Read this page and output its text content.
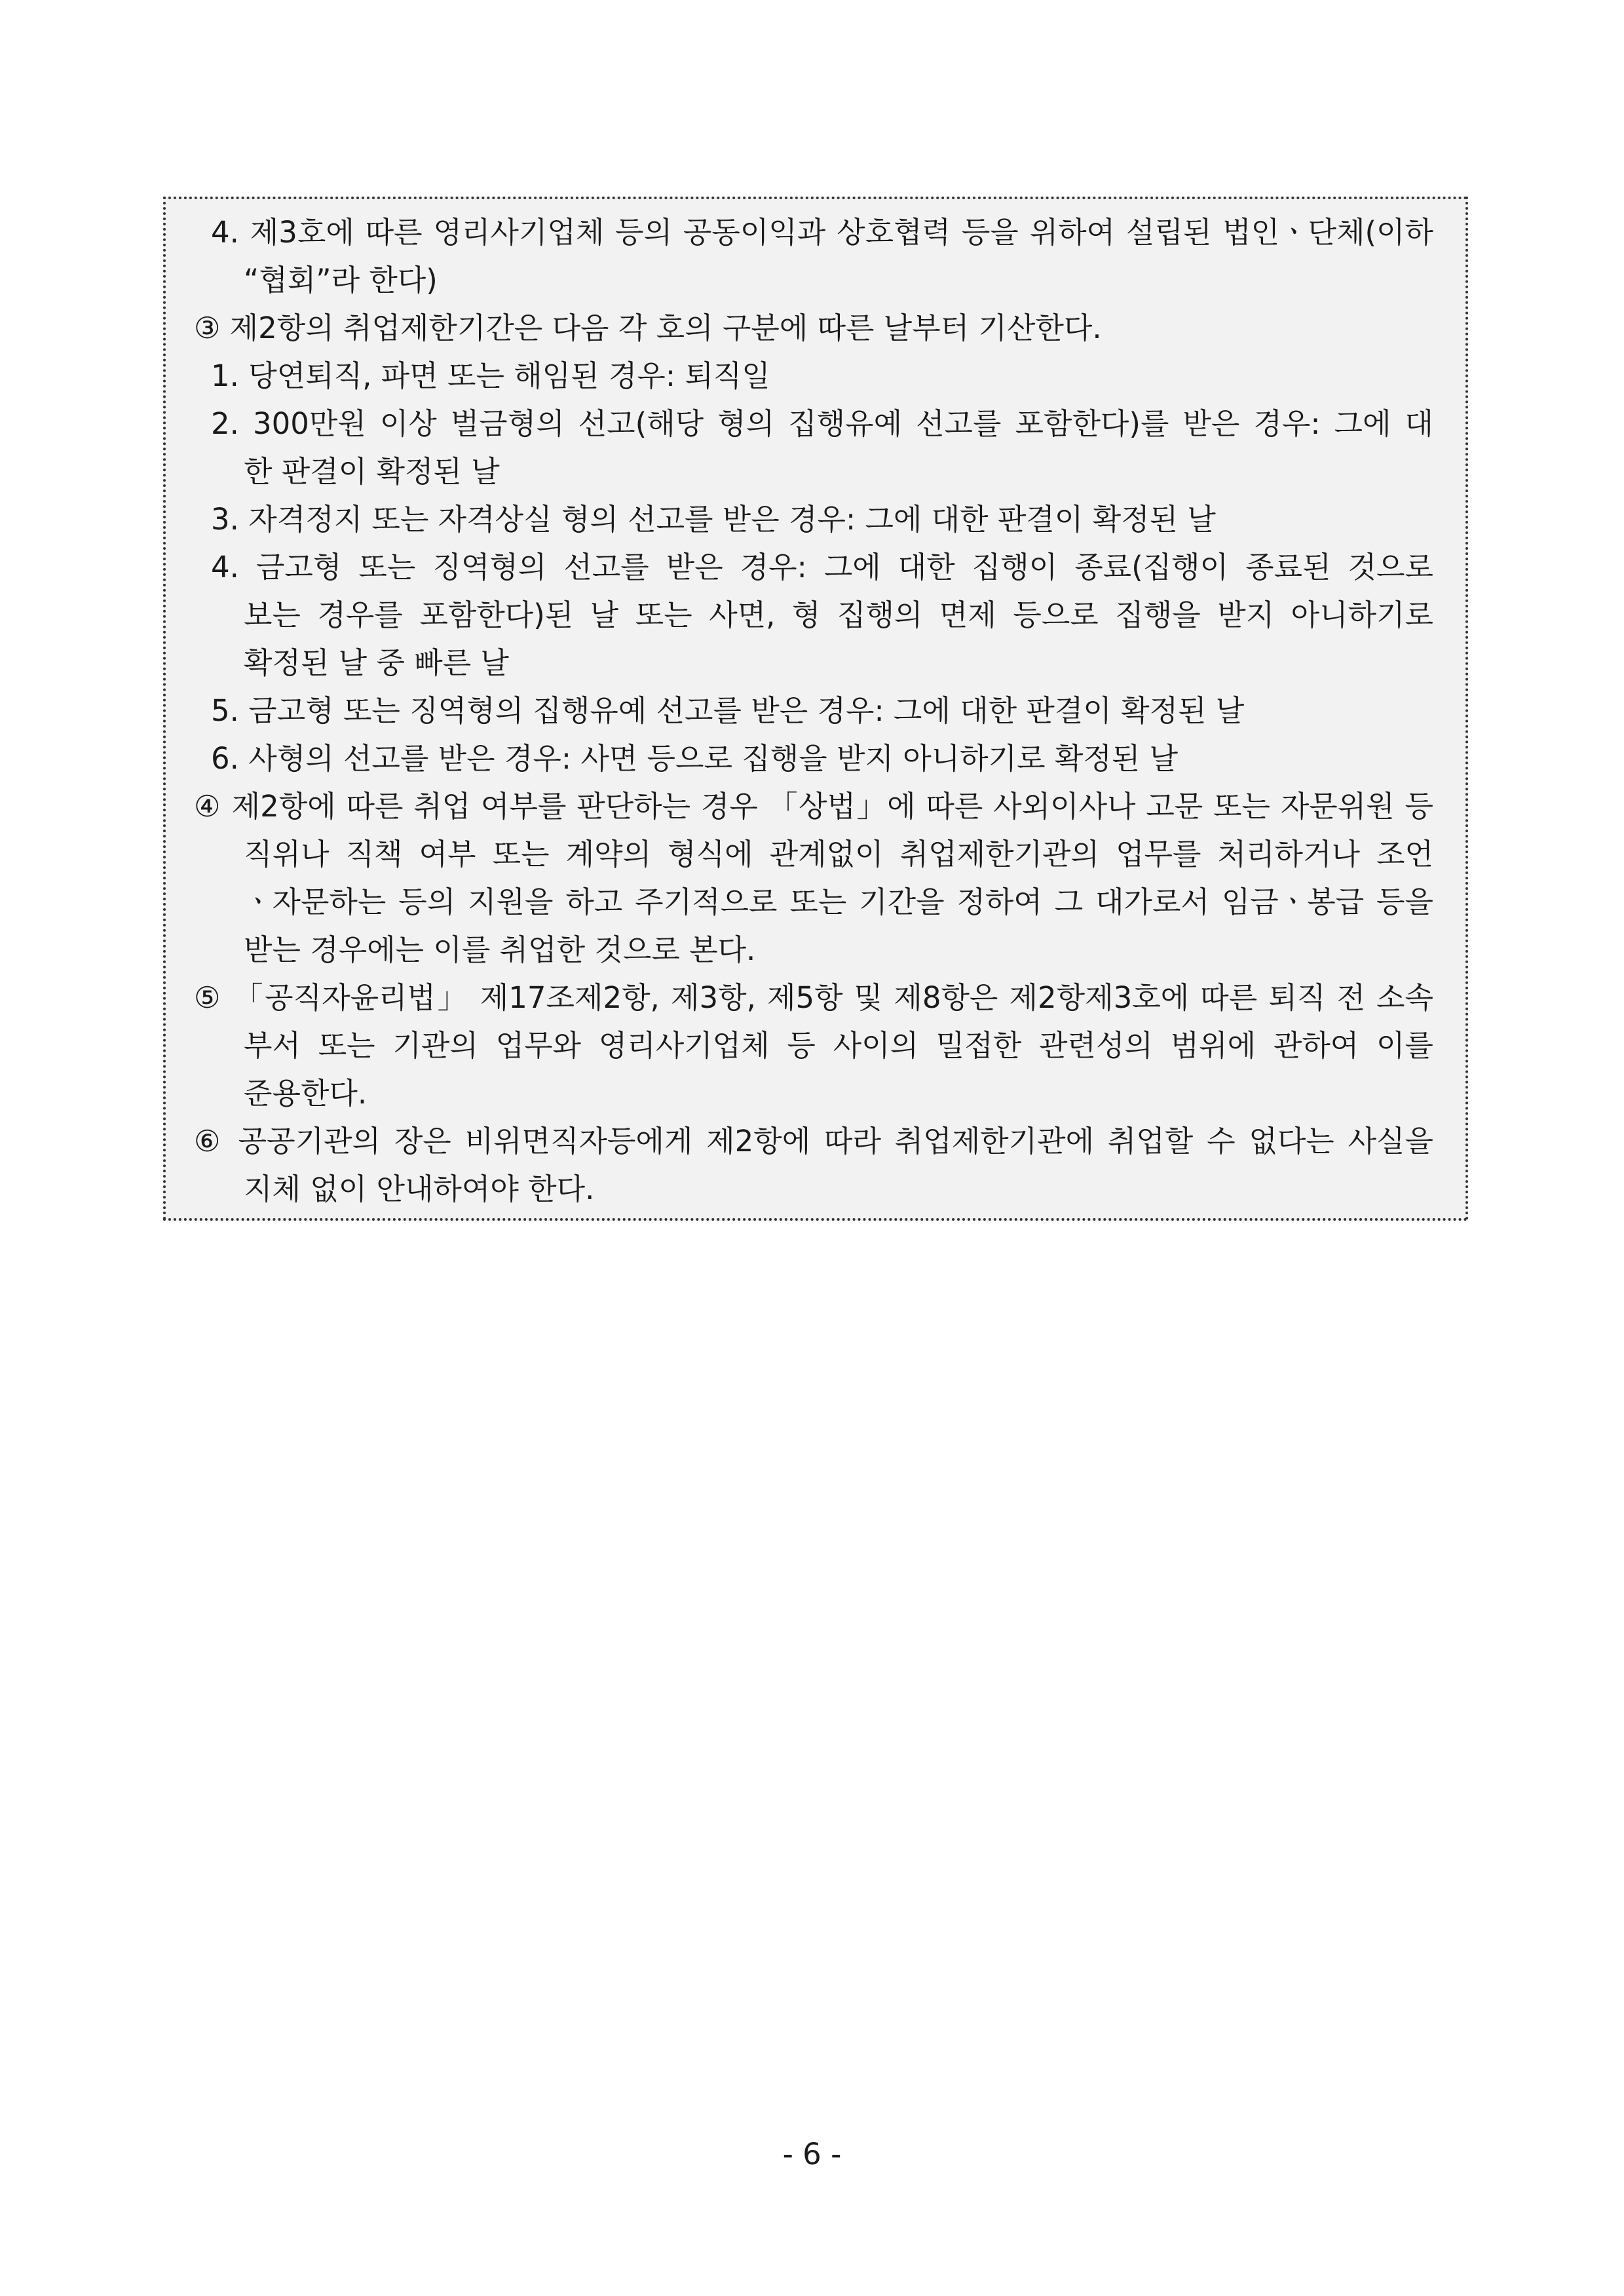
4. 제3호에 따른 영리사기업체 등의 공동이익과 상호협력 등을 위하여 설립된 법인ㆍ단체(이하
“협회”라 한다)
③ 제2항의 취업제한기간은 다음 각 호의 구분에 따른 날부터 기산한다.
1. 당연퇴직, 파면 또는 해임된 경우: 퇴직일
2. 300만원 이상 벌금형의 선고(해당 형의 집행유예 선고를 포함한다)를 받은 경우: 그에 대
한 판결이 확정된 날
3. 자격정지 또는 자격상실 형의 선고를 받은 경우: 그에 대한 판결이 확정된 날
4. 금고형 또는 징역형의 선고를 받은 경우: 그에 대한 집행이 종료(집행이 종료된 것으로
보는 경우를 포함한다)된 날 또는 사면, 형 집행의 면제 등으로 집행을 받지 아니하기로
확정된 날 중 빠른 날
5. 금고형 또는 징역형의 집행유예 선고를 받은 경우: 그에 대한 판결이 확정된 날
6. 사형의 선고를 받은 경우: 사면 등으로 집행을 받지 아니하기로 확정된 날
④ 제2항에 따른 취업 여부를 판단하는 경우 「상법」에 따른 사외이사나 고문 또는 자문위원 등
직위나 직책 여부 또는 계약의 형식에 관계없이 취업제한기관의 업무를 처리하거나 조언
ㆍ자문하는 등의 지원을 하고 주기적으로 또는 기간을 정하여 그 대가로서 임금ㆍ봉급 등을
받는 경우에는 이를 취업한 것으로 본다.
⑤ 「공직자윤리법」 제17조제2항, 제3항, 제5항 및 제8항은 제2항제3호에 따른 퇴직 전 소속
부서 또는 기관의 업무와 영리사기업체 등 사이의 밀접한 관련성의 범위에 관하여 이를
준용한다.
⑥ 공공기관의 장은 비위면직자등에게 제2항에 따라 취업제한기관에 취업할 수 없다는 사실을
지체 없이 안내하여야 한다.
- 6 -
